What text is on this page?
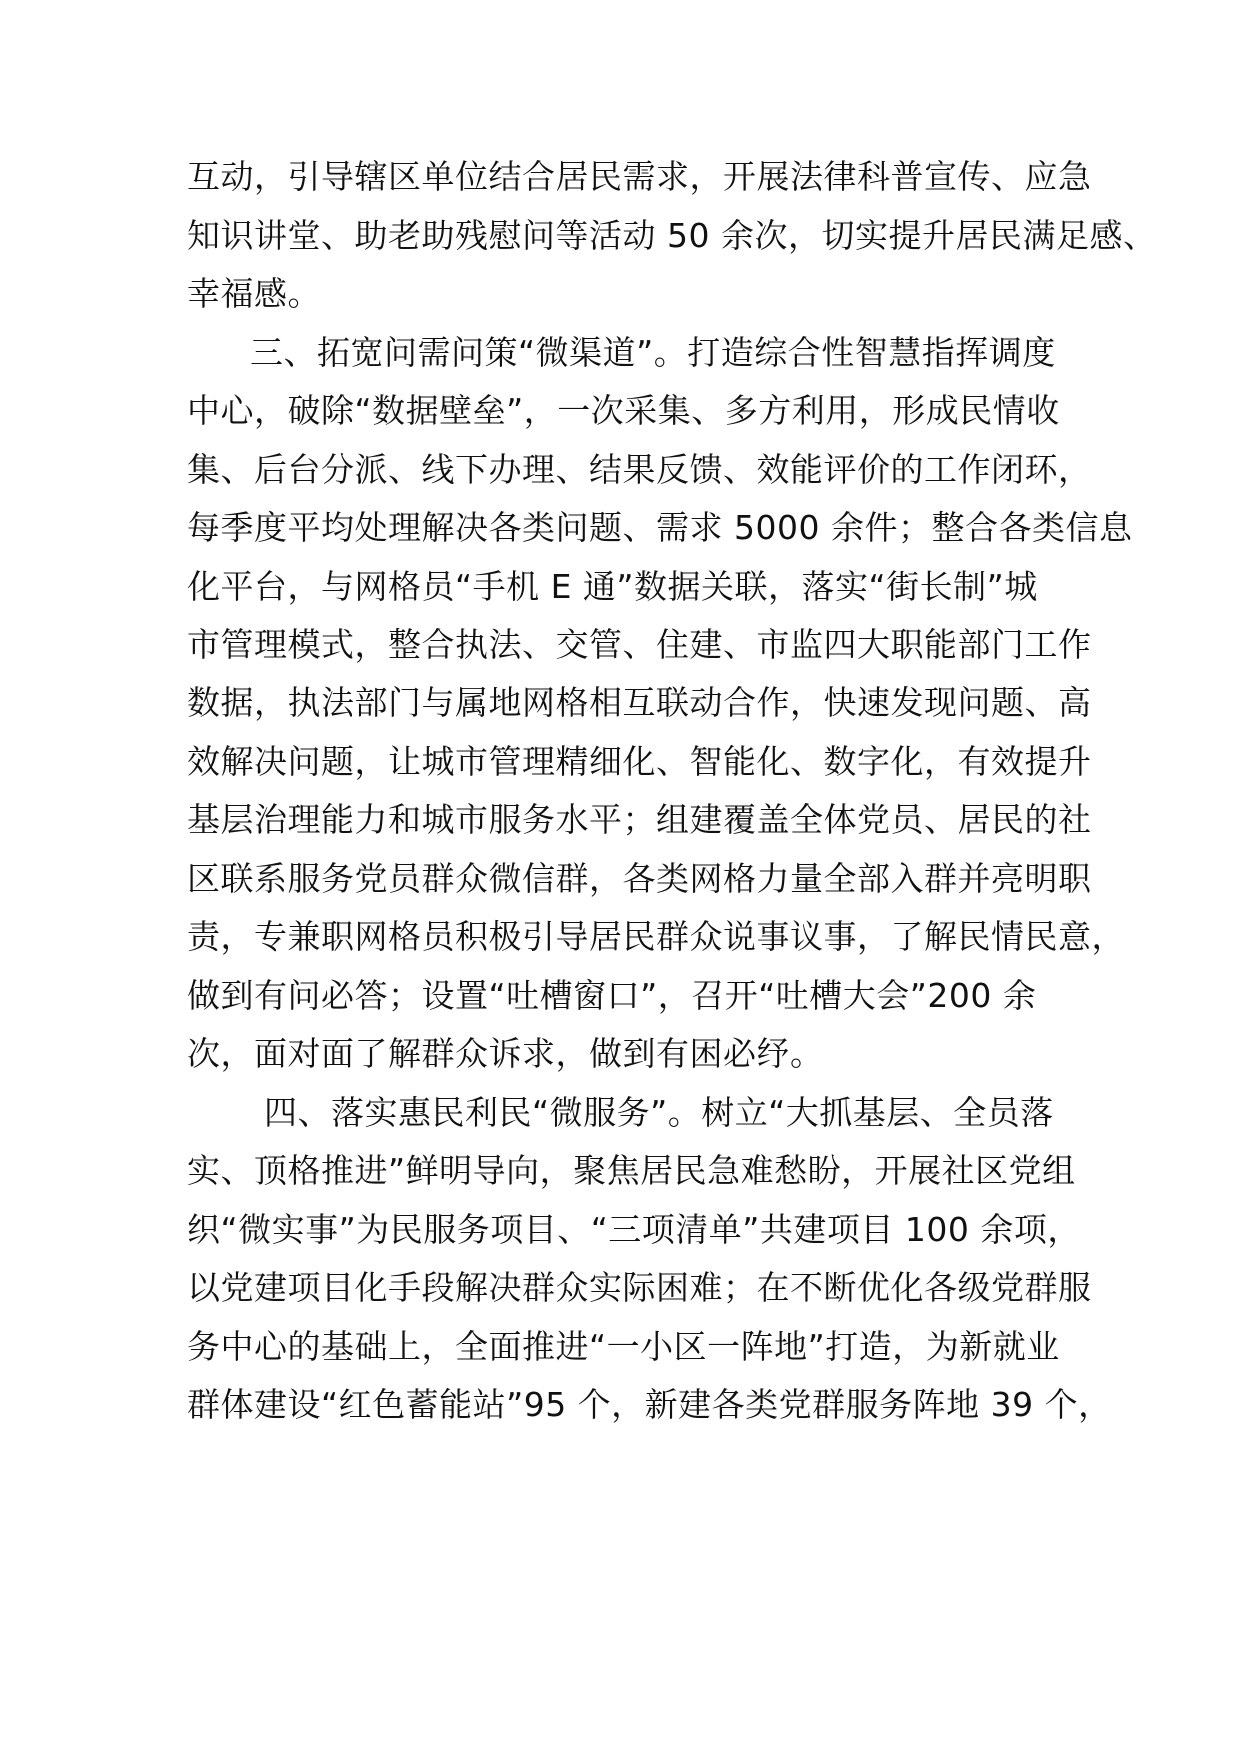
互动，引导辖区单位结合居民需求，开展法律科普宣传、应急
知识讲堂、助老助残慰问等活动 50 余次，切实提升居民满足感、
幸福感。
三、拓宽问需问策“微渠道”。打造综合性智慧指挥调度
中心，破除“数据壁垒”，一次采集、多方利用，形成民情收
集、后台分派、线下办理、结果反馈、效能评价的工作闭环，
每季度平均处理解决各类问题、需求 5000 余件；整合各类信息
化平台，与网格员“手机 E 通”数据关联，落实“街长制”城
市管理模式，整合执法、交管、住建、市监四大职能部门工作
数据，执法部门与属地网格相互联动合作，快速发现问题、高
效解决问题，让城市管理精细化、智能化、数字化，有效提升
基层治理能力和城市服务水平；组建覆盖全体党员、居民的社
区联系服务党员群众微信群，各类网格力量全部入群并亮明职
责，专兼职网格员积极引导居民群众说事议事，了解民情民意，
做到有问必答；设置“吐槽窗口”，召开“吐槽大会”200 余
次，面对面了解群众诉求，做到有困必纾。
四、落实惠民利民“微服务”。树立“大抓基层、全员落
实、顶格推进”鲜明导向，聚焦居民急难愁盼，开展社区党组
织“微实事”为民服务项目、“三项清单”共建项目 100 余项，
以党建项目化手段解决群众实际困难；在不断优化各级党群服
务中心的基础上，全面推进“一小区一阵地”打造，为新就业
群体建设“红色蓄能站”95 个，新建各类党群服务阵地 39 个，
